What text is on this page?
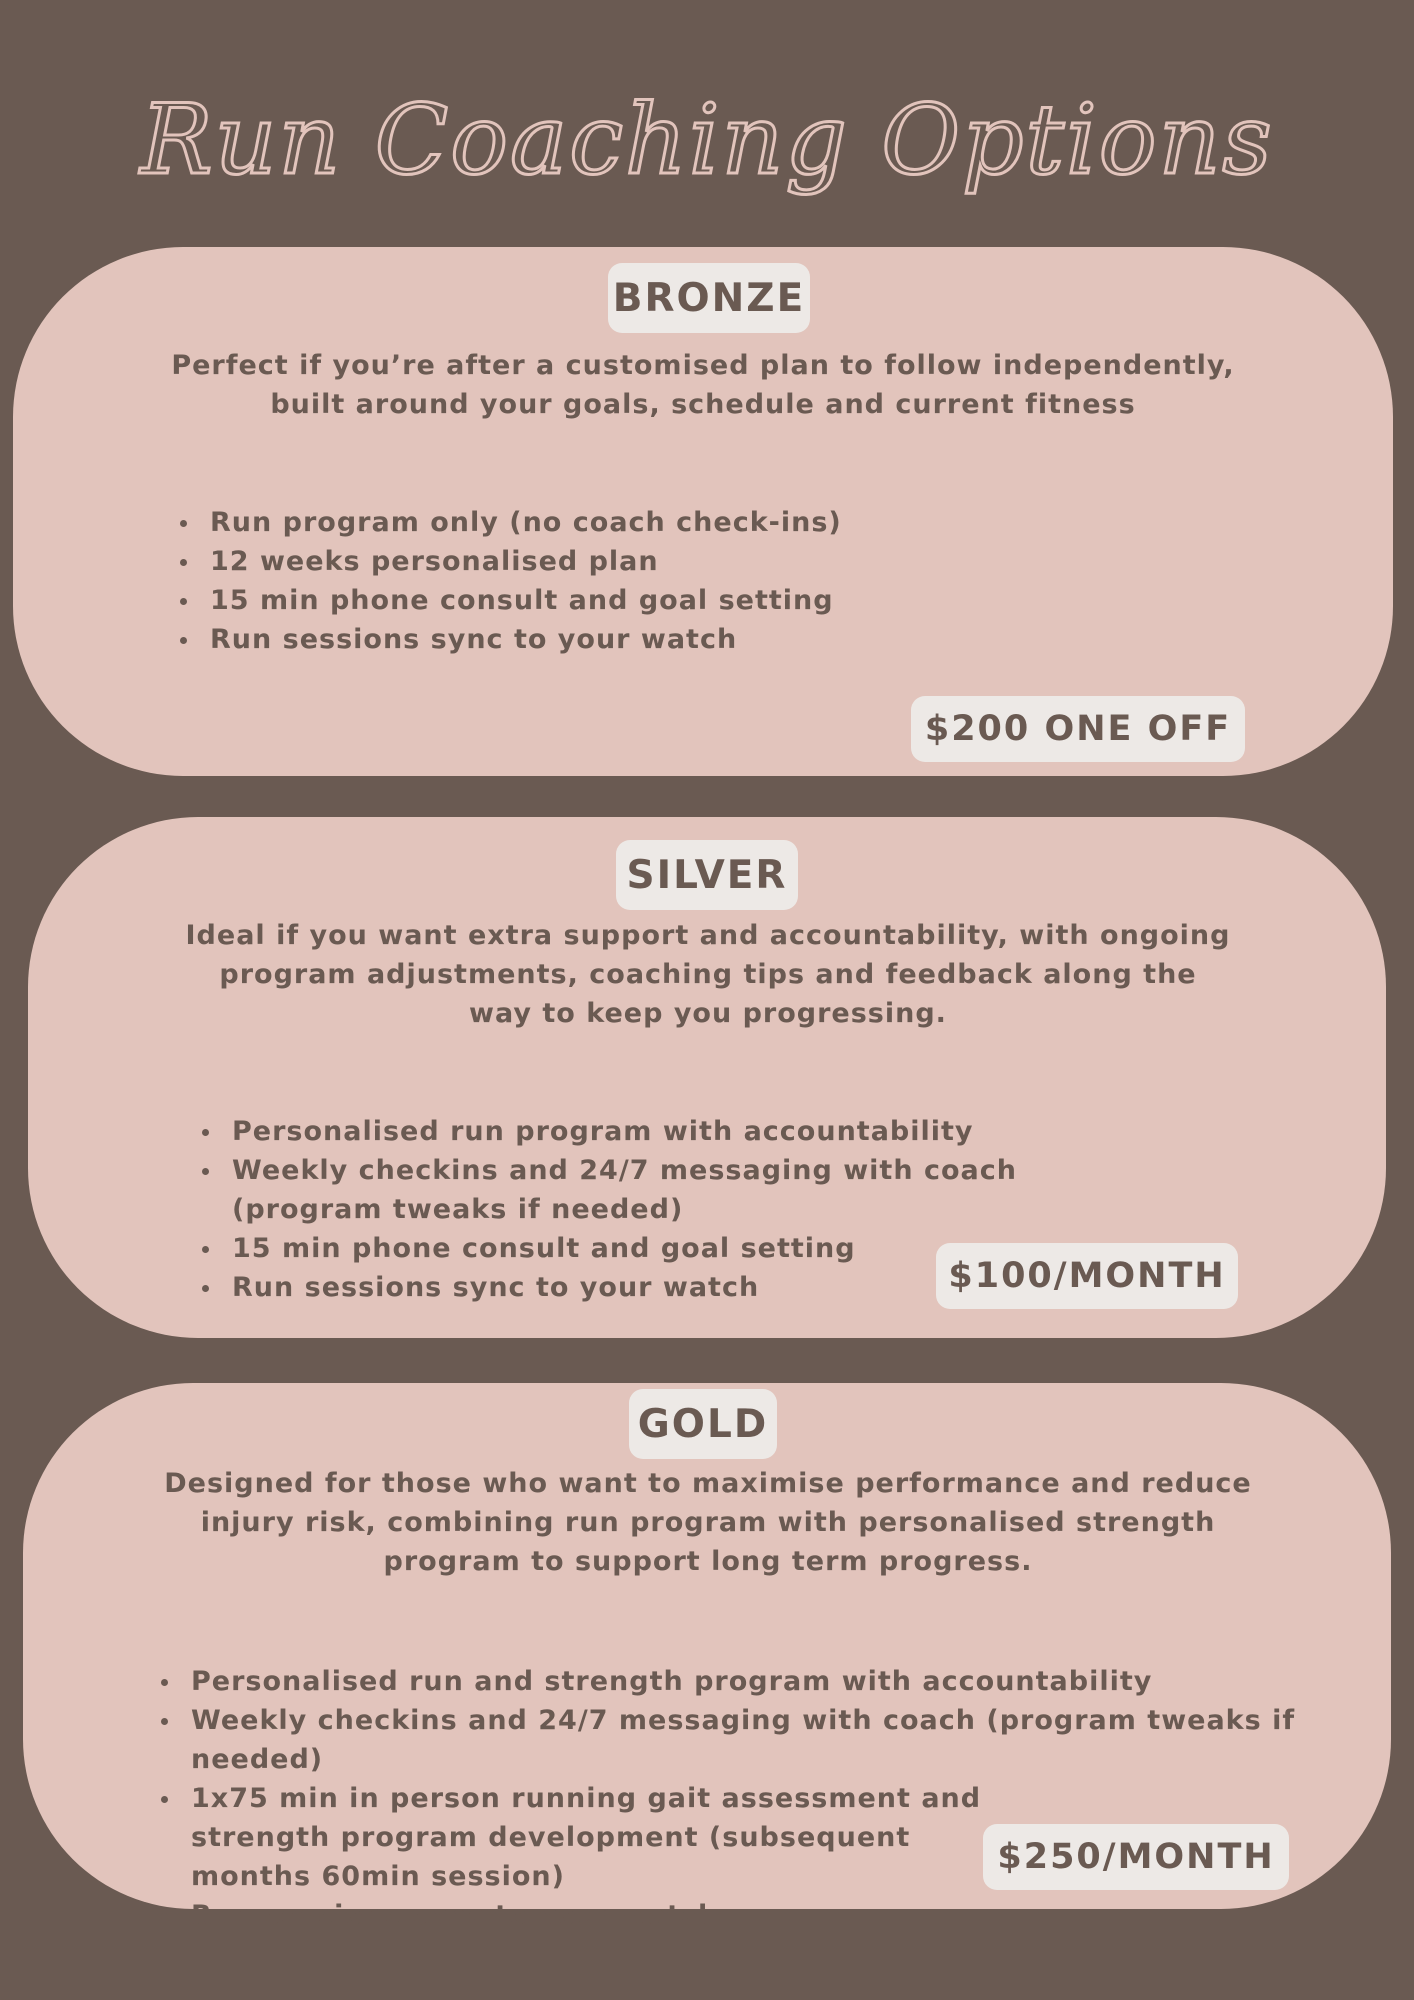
Run Coaching Options
BRONZE
Perfect if you’re after a customised plan to follow independently, built around your goals, schedule and current fitness
Run program only (no coach check-ins)
12 weeks personalised plan
15 min phone consult and goal setting
Run sessions sync to your watch
$200 ONE OFF
SILVER
Ideal if you want extra support and accountability, with ongoing program adjustments, coaching tips and feedback along the way to keep you progressing.
Personalised run program with accountability
Weekly checkins and 24/7 messaging with coach (program tweaks if needed)
15 min phone consult and goal setting
Run sessions sync to your watch	$100/MONTH
GOLD
Designed for those who want to maximise performance and reduce injury risk, combining run program with personalised strength program to support long term progress.
Personalised run and strength program with accountability
Weekly checkins and 24/7 messaging with coach (program tweaks if needed)
1x75 min in person running gait assessment and strength program development (subsequent months 60min session)
Run sessions sync to your watch
$250/MONTH
